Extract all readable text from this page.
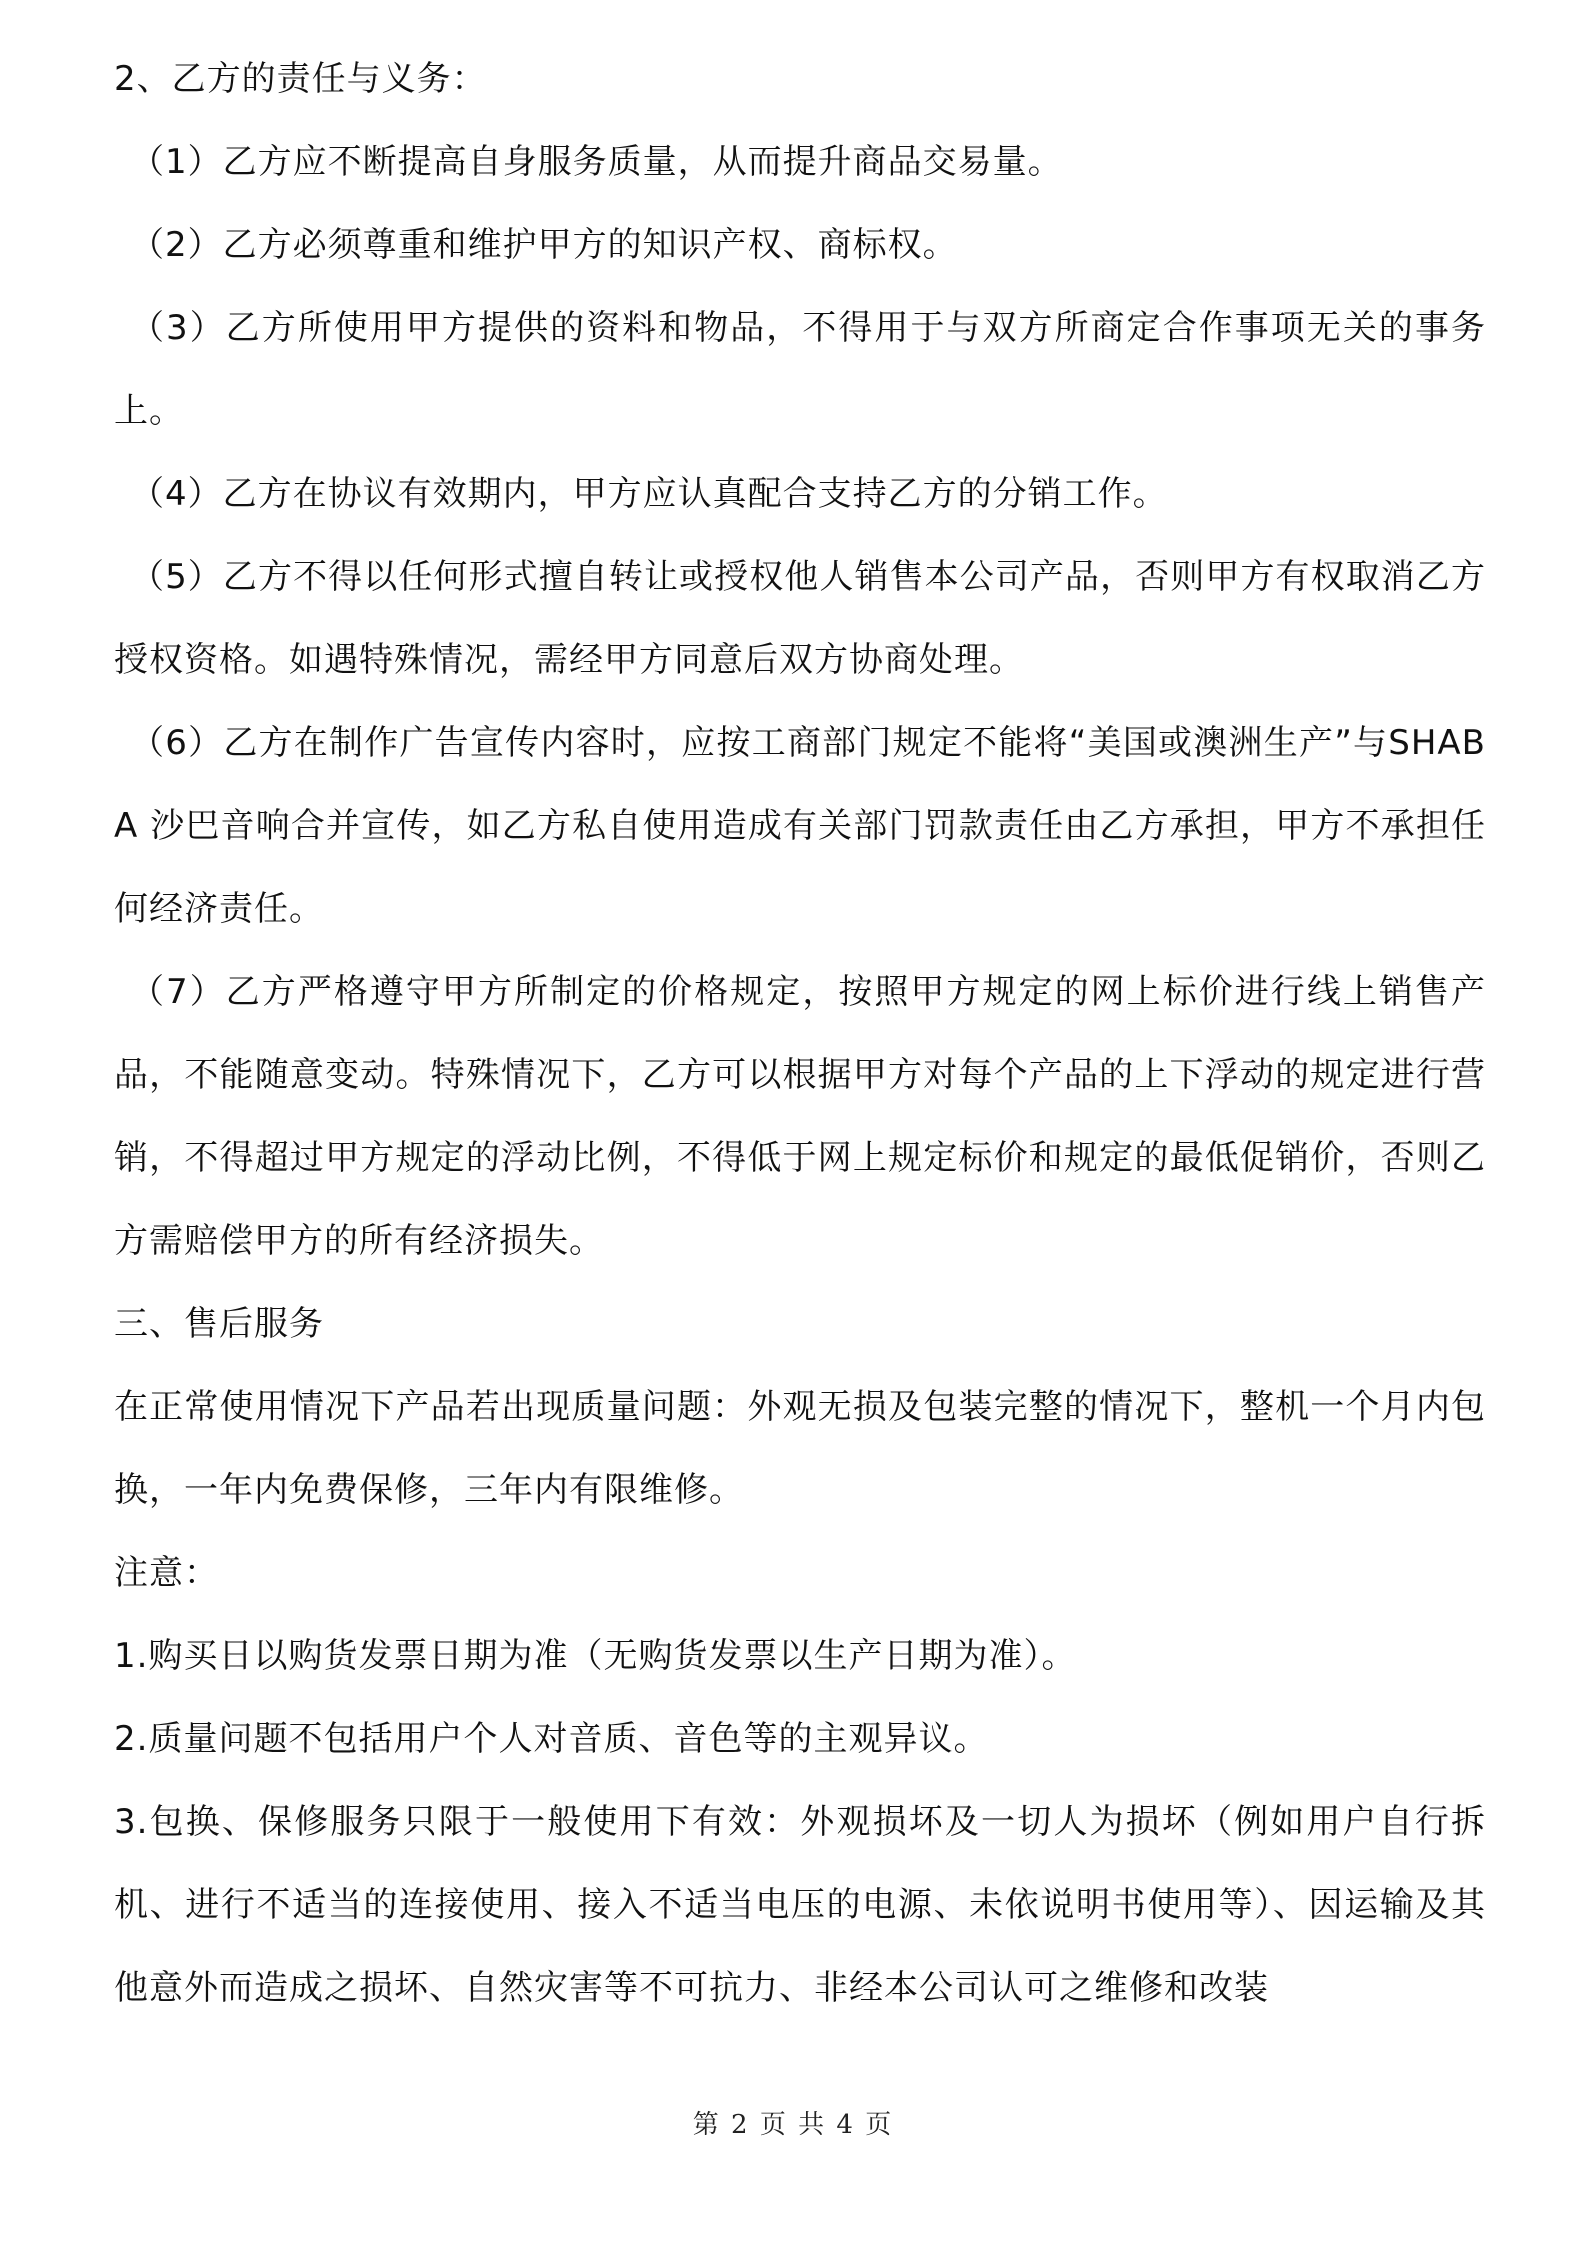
2、乙方的责任与义务：

（1）乙方应不断提高自身服务质量，从而提升商品交易量。

（2）乙方必须尊重和维护甲方的知识产权、商标权。

（3）乙方所使用甲方提供的资料和物品，不得用于与双方所商定合作事项无关的事务上。

（4）乙方在协议有效期内，甲方应认真配合支持乙方的分销工作。

（5）乙方不得以任何形式擅自转让或授权他人销售本公司产品，否则甲方有权取消乙方授权资格。如遇特殊情况，需经甲方同意后双方协商处理。

（6）乙方在制作广告宣传内容时，应按工商部门规定不能将“美国或澳洲生产”与SHABA 沙巴音响合并宣传，如乙方私自使用造成有关部门罚款责任由乙方承担，甲方不承担任何经济责任。

（7）乙方严格遵守甲方所制定的价格规定，按照甲方规定的网上标价进行线上销售产品，不能随意变动。特殊情况下，乙方可以根据甲方对每个产品的上下浮动的规定进行营销，不得超过甲方规定的浮动比例，不得低于网上规定标价和规定的最低促销价，否则乙方需赔偿甲方的所有经济损失。

三、售后服务

在正常使用情况下产品若出现质量问题：外观无损及包装完整的情况下，整机一个月内包换，一年内免费保修，三年内有限维修。

注意：

1.购买日以购货发票日期为准（无购货发票以生产日期为准）。

2.质量问题不包括用户个人对音质、音色等的主观异议。

3.包换、保修服务只限于一般使用下有效：外观损坏及一切人为损坏（例如用户自行拆机、进行不适当的连接使用、接入不适当电压的电源、未依说明书使用等）、因运输及其他意外而造成之损坏、自然灾害等不可抗力、非经本公司认可之维修和改装

第 2 页 共 4 页
